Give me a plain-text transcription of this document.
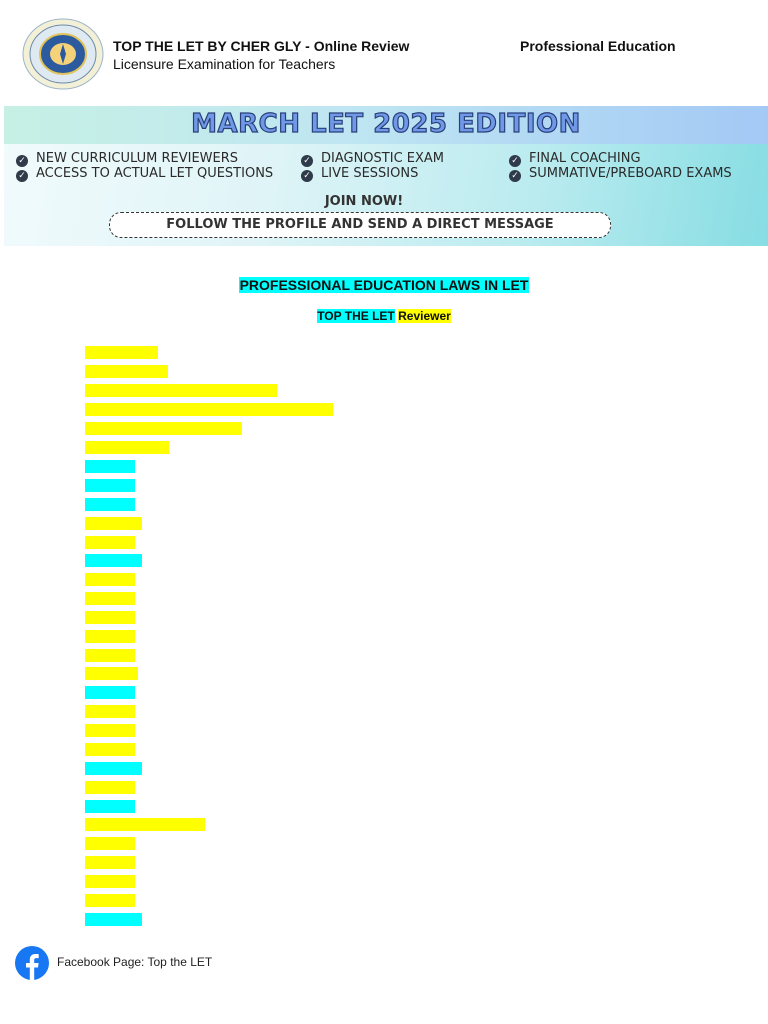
TOP THE LET BY CHER GLY - Online Review
Licensure Examination for Teachers
Professional Education
MARCH LET 2025 EDITION
✓ NEW CURRICULUM REVIEWERS
✓ ACCESS TO ACTUAL LET QUESTIONS
✓ DIAGNOSTIC EXAM
✓ LIVE SESSIONS
✓ FINAL COACHING
✓ SUMMATIVE/PREBOARD EXAMS
JOIN NOW!
FOLLOW THE PROFILE AND SEND A DIRECT MESSAGE
PROFESSIONAL EDUCATION LAWS IN LET
TOP THE LET Reviewer
Facebook Page: Top the LET
